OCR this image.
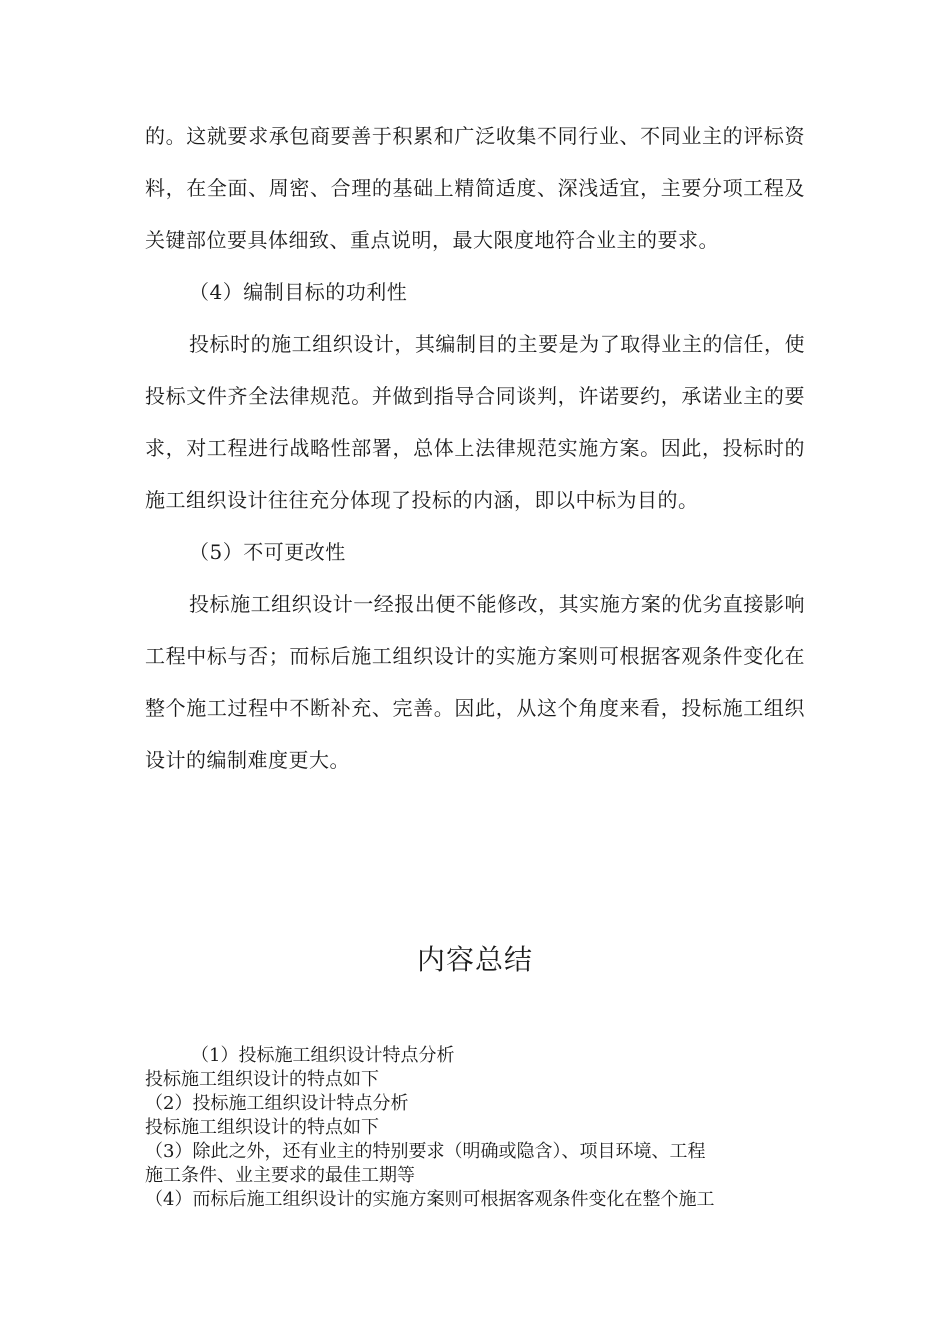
的。这就要求承包商要善于积累和广泛收集不同行业、不同业主的评标资料，在全面、周密、合理的基础上精简适度、深浅适宜，主要分项工程及关键部位要具体细致、重点说明，最大限度地符合业主的要求。

（4）编制目标的功利性

投标时的施工组织设计，其编制目的主要是为了取得业主的信任，使投标文件齐全法律规范。并做到指导合同谈判，许诺要约，承诺业主的要求，对工程进行战略性部署，总体上法律规范实施方案。因此，投标时的施工组织设计往往充分体现了投标的内涵，即以中标为目的。

（5）不可更改性

投标施工组织设计一经报出便不能修改，其实施方案的优劣直接影响工程中标与否；而标后施工组织设计的实施方案则可根据客观条件变化在整个施工过程中不断补充、完善。因此，从这个角度来看，投标施工组织设计的编制难度更大。

内容总结
（1）投标施工组织设计特点分析
投标施工组织设计的特点如下
（2）投标施工组织设计特点分析
投标施工组织设计的特点如下
（3）除此之外，还有业主的特别要求（明确或隐含）、项目环境、工程
施工条件、业主要求的最佳工期等
（4）而标后施工组织设计的实施方案则可根据客观条件变化在整个施工
